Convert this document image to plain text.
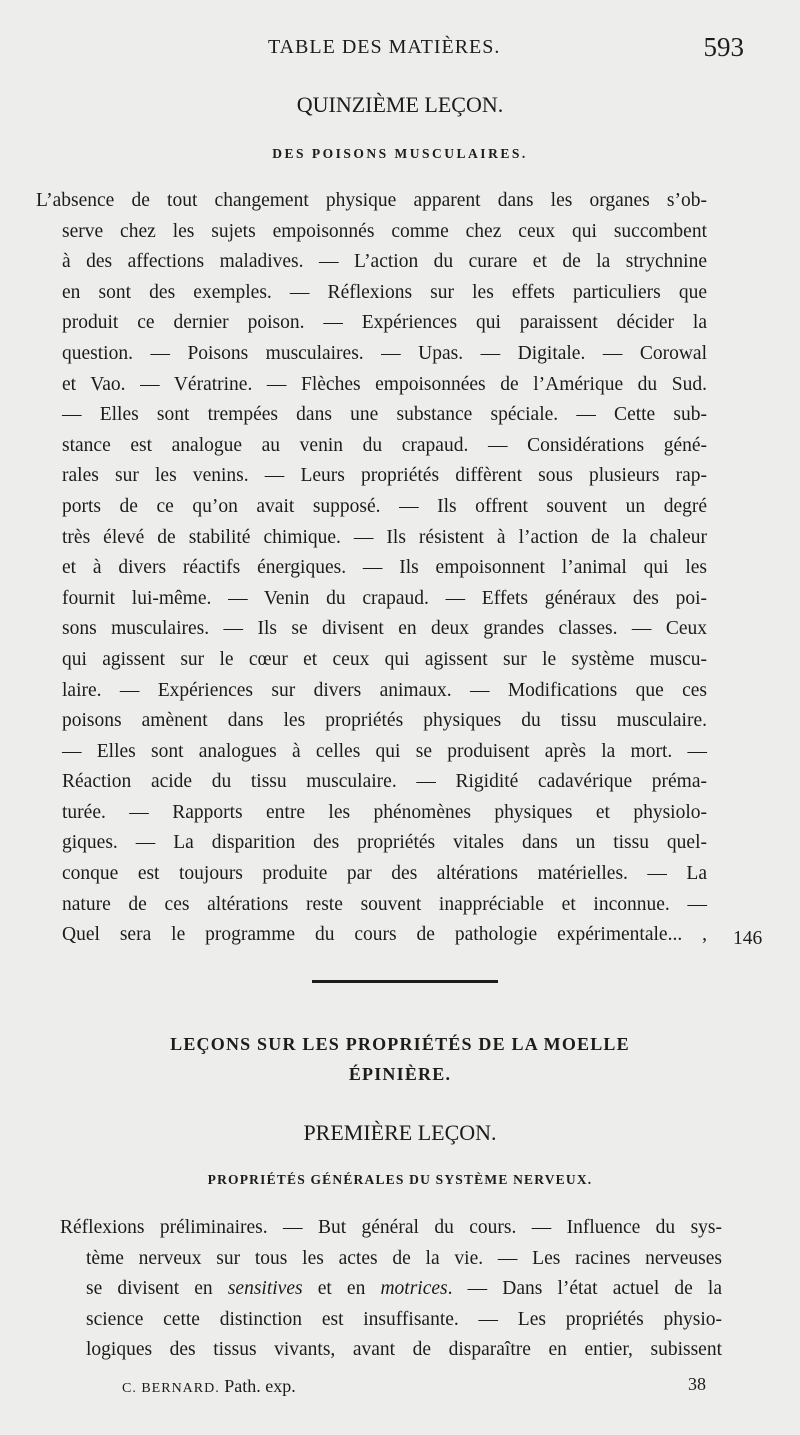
TABLE DES MATIÈRES.	593
QUINZIÈME LEÇON.
DES POISONS MUSCULAIRES.
L’absence de tout changement physique apparent dans les organes s’ob-
serve chez les sujets empoisonnés comme chez ceux qui succombent
à des affections maladives. — L’action du curare et de la strychnine
en sont des exemples. — Réflexions sur les effets particuliers que
produit ce dernier poison. — Expériences qui paraissent décider la
question. — Poisons musculaires. — Upas. — Digitale. — Corowal
et Vao. — Vératrine. — Flèches empoisonnées de l’Amérique du Sud.
— Elles sont trempées dans une substance spéciale. — Cette sub-
stance est analogue au venin du crapaud. — Considérations géné-
rales sur les venins. — Leurs propriétés diffèrent sous plusieurs rap-
ports de ce qu’on avait supposé. — Ils offrent souvent un degré
très élevé de stabilité chimique. — Ils résistent à l’action de la chaleur
et à divers réactifs énergiques. — Ils empoisonnent l’animal qui les
fournit lui-même. — Venin du crapaud. — Effets généraux des poi-
sons musculaires. — Ils se divisent en deux grandes classes. — Ceux
qui agissent sur le cœur et ceux qui agissent sur le système muscu-
laire. — Expériences sur divers animaux. — Modifications que ces
poisons amènent dans les propriétés physiques du tissu musculaire.
— Elles sont analogues à celles qui se produisent après la mort. —
Réaction acide du tissu musculaire. — Rigidité cadavérique préma-
turée. — Rapports entre les phénomènes physiques et physiolo-
giques. — La disparition des propriétés vitales dans un tissu quel-
conque est toujours produite par des altérations matérielles. — La
nature de ces altérations reste souvent inappréciable et inconnue. —
Quel sera le programme du cours de pathologie expérimentale... , 146
LEÇONS SUR LES PROPRIÉTÉS DE LA MOELLE
ÉPINIÈRE.
PREMIÈRE LEÇON.
PROPRIÉTÉS GÉNÉRALES DU SYSTÈME NERVEUX.
Réflexions préliminaires. — But général du cours. — Influence du sys-
tème nerveux sur tous les actes de la vie. — Les racines nerveuses
se divisent en sensitives et en motrices. — Dans l’état actuel de la
science cette distinction est insuffisante. — Les propriétés physio-
logiques des tissus vivants, avant de disparaître en entier, subissent
C. BERNARD. Path. exp.	38
